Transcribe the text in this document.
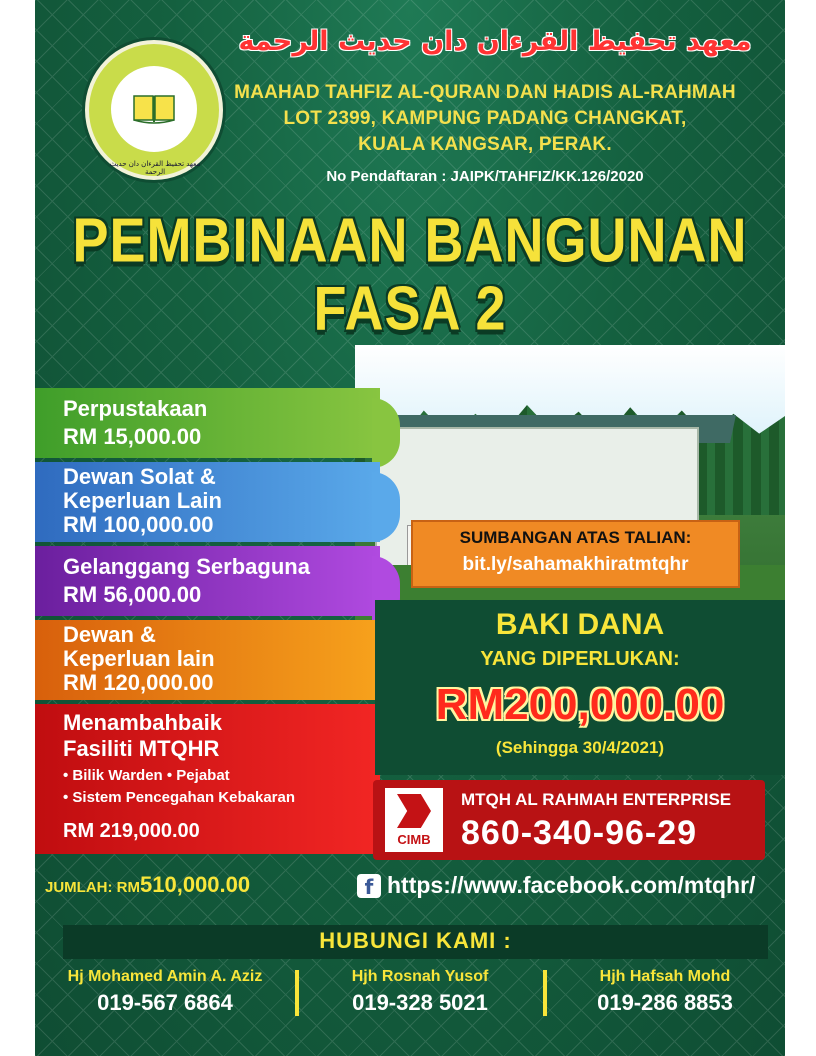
معهد تحفيظ القرءان دان حديث الرحمة
معهد تحفيظ القرءان دان حديث الرحمة
MAAHAD TAHFIZ AL-QURAN DAN HADIS AL-RAHMAH
LOT 2399, KAMPUNG PADANG CHANGKAT,
KUALA KANGSAR, PERAK.
No Pendaftaran : JAIPK/TAHFIZ/KK.126/2020
PEMBINAAN BANGUNAN
FASA 2
Perpustakaan
RM 15,000.00
Dewan Solat &
Keperluan Lain
RM 100,000.00
Gelanggang Serbaguna
RM 56,000.00
Dewan &
Keperluan lain
RM 120,000.00
Menambahbaik
Fasiliti MTQHR
• Bilik Warden • Pejabat
• Sistem Pencegahan Kebakaran
RM 219,000.00
SUMBANGAN ATAS TALIAN:
bit.ly/sahamakhiratmtqhr
BAKI DANA
YANG DIPERLUKAN:
RM200,000.00
(Sehingga 30/4/2021)
CIMB
MTQH AL RAHMAH ENTERPRISE
860-340-96-29
JUMLAH: RM510,000.00	f https://www.facebook.com/mtqhr/
HUBUNGI KAMI :
Hj Mohamed Amin A. Aziz
019-567 6864
Hjh Rosnah Yusof
019-328 5021
Hjh Hafsah Mohd
019-286 8853
